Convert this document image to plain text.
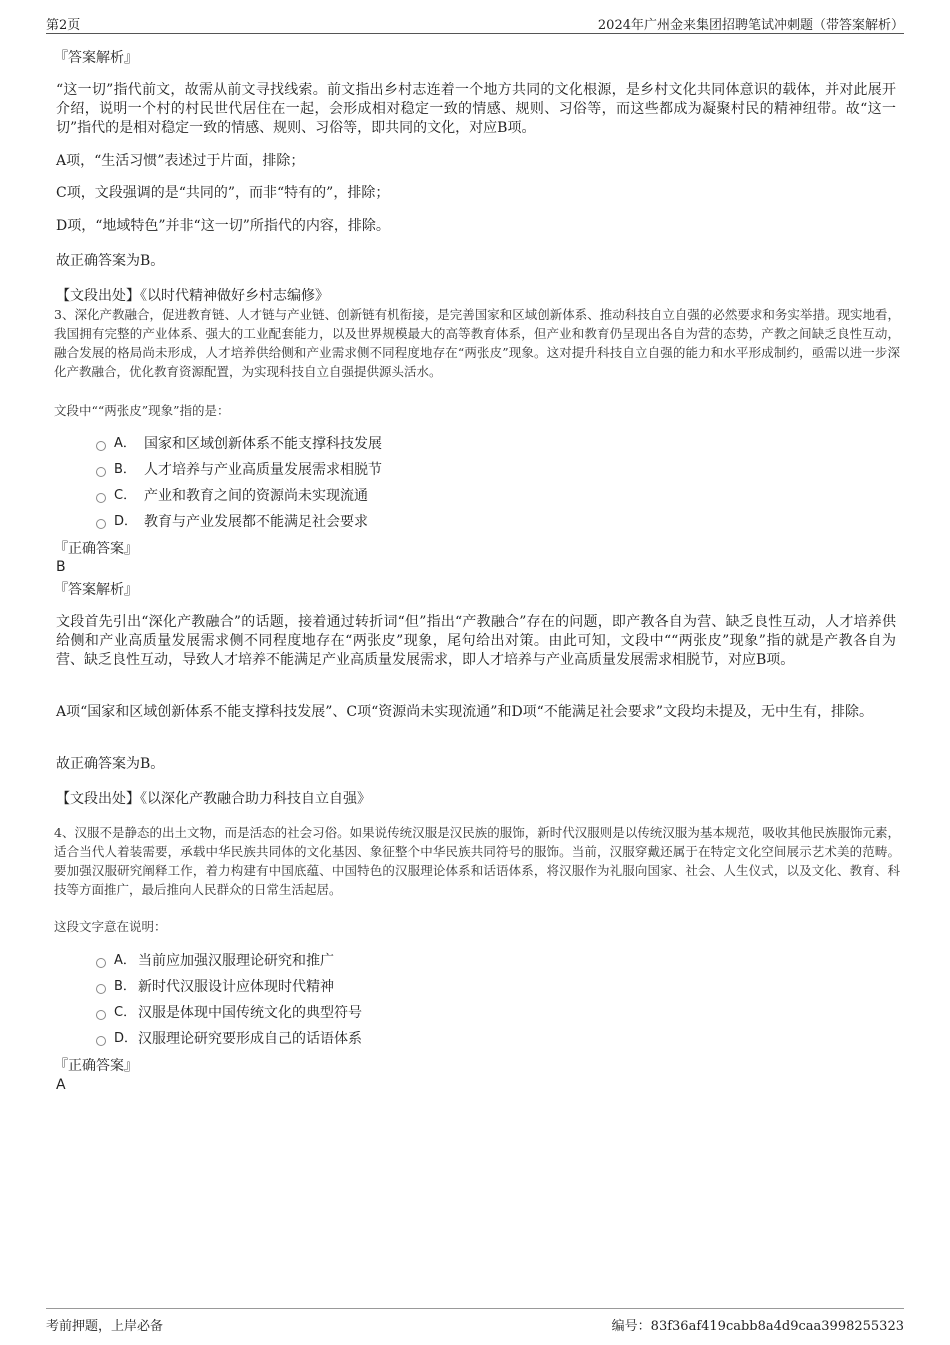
第2页	2024年广州金来集团招聘笔试冲刺题（带答案解析）
『答案解析』
“这一切”指代前文，故需从前文寻找线索。前文指出乡村志连着一个地方共同的文化根源，是乡村文化共同体意识的载体，并对此展开介绍，说明一个村的村民世代居住在一起，会形成相对稳定一致的情感、规则、习俗等，而这些都成为凝聚村民的精神纽带。故“这一切”指代的是相对稳定一致的情感、规则、习俗等，即共同的文化，对应B项。
A项，“生活习惯”表述过于片面，排除；
C项，文段强调的是“共同的”，而非“特有的”，排除；
D项，“地域特色”并非“这一切”所指代的内容，排除。
故正确答案为B。
【文段出处】《以时代精神做好乡村志编修》
3、深化产教融合，促进教育链、人才链与产业链、创新链有机衔接，是完善国家和区域创新体系、推动科技自立自强的必然要求和务实举措。现实地看，我国拥有完整的产业体系、强大的工业配套能力，以及世界规模最大的高等教育体系，但产业和教育仍呈现出各自为营的态势，产教之间缺乏良性互动，融合发展的格局尚未形成，人才培养供给侧和产业需求侧不同程度地存在“两张皮”现象。这对提升科技自立自强的能力和水平形成制约，亟需以进一步深化产教融合，优化教育资源配置，为实现科技自立自强提供源头活水。
文段中““两张皮”现象”指的是：
A． 国家和区域创新体系不能支撑科技发展
B． 人才培养与产业高质量发展需求相脱节
C． 产业和教育之间的资源尚未实现流通
D． 教育与产业发展都不能满足社会要求
『正确答案』
B
『答案解析』
文段首先引出“深化产教融合”的话题，接着通过转折词“但”指出“产教融合”存在的问题，即产教各自为营、缺乏良性互动，人才培养供给侧和产业高质量发展需求侧不同程度地存在“两张皮”现象，尾句给出对策。由此可知，文段中““两张皮”现象”指的就是产教各自为营、缺乏良性互动，导致人才培养不能满足产业高质量发展需求，即人才培养与产业高质量发展需求相脱节，对应B项。
A项“国家和区域创新体系不能支撑科技发展”、C项“资源尚未实现流通”和D项“不能满足社会要求”文段均未提及，无中生有，排除。
故正确答案为B。
【文段出处】《以深化产教融合助力科技自立自强》
4、汉服不是静态的出土文物，而是活态的社会习俗。如果说传统汉服是汉民族的服饰，新时代汉服则是以传统汉服为基本规范，吸收其他民族服饰元素，适合当代人着装需要，承载中华民族共同体的文化基因、象征整个中华民族共同符号的服饰。当前，汉服穿戴还属于在特定文化空间展示艺术美的范畴。要加强汉服研究阐释工作，着力构建有中国底蕴、中国特色的汉服理论体系和话语体系，将汉服作为礼服向国家、社会、人生仪式，以及文化、教育、科技等方面推广，最后推向人民群众的日常生活起居。
这段文字意在说明：
A． 当前应加强汉服理论研究和推广
B． 新时代汉服设计应体现时代精神
C． 汉服是体现中国传统文化的典型符号
D． 汉服理论研究要形成自己的话语体系
『正确答案』
A
考前押题，上岸必备	编号：83f36af419cabb8a4d9caa3998255323
